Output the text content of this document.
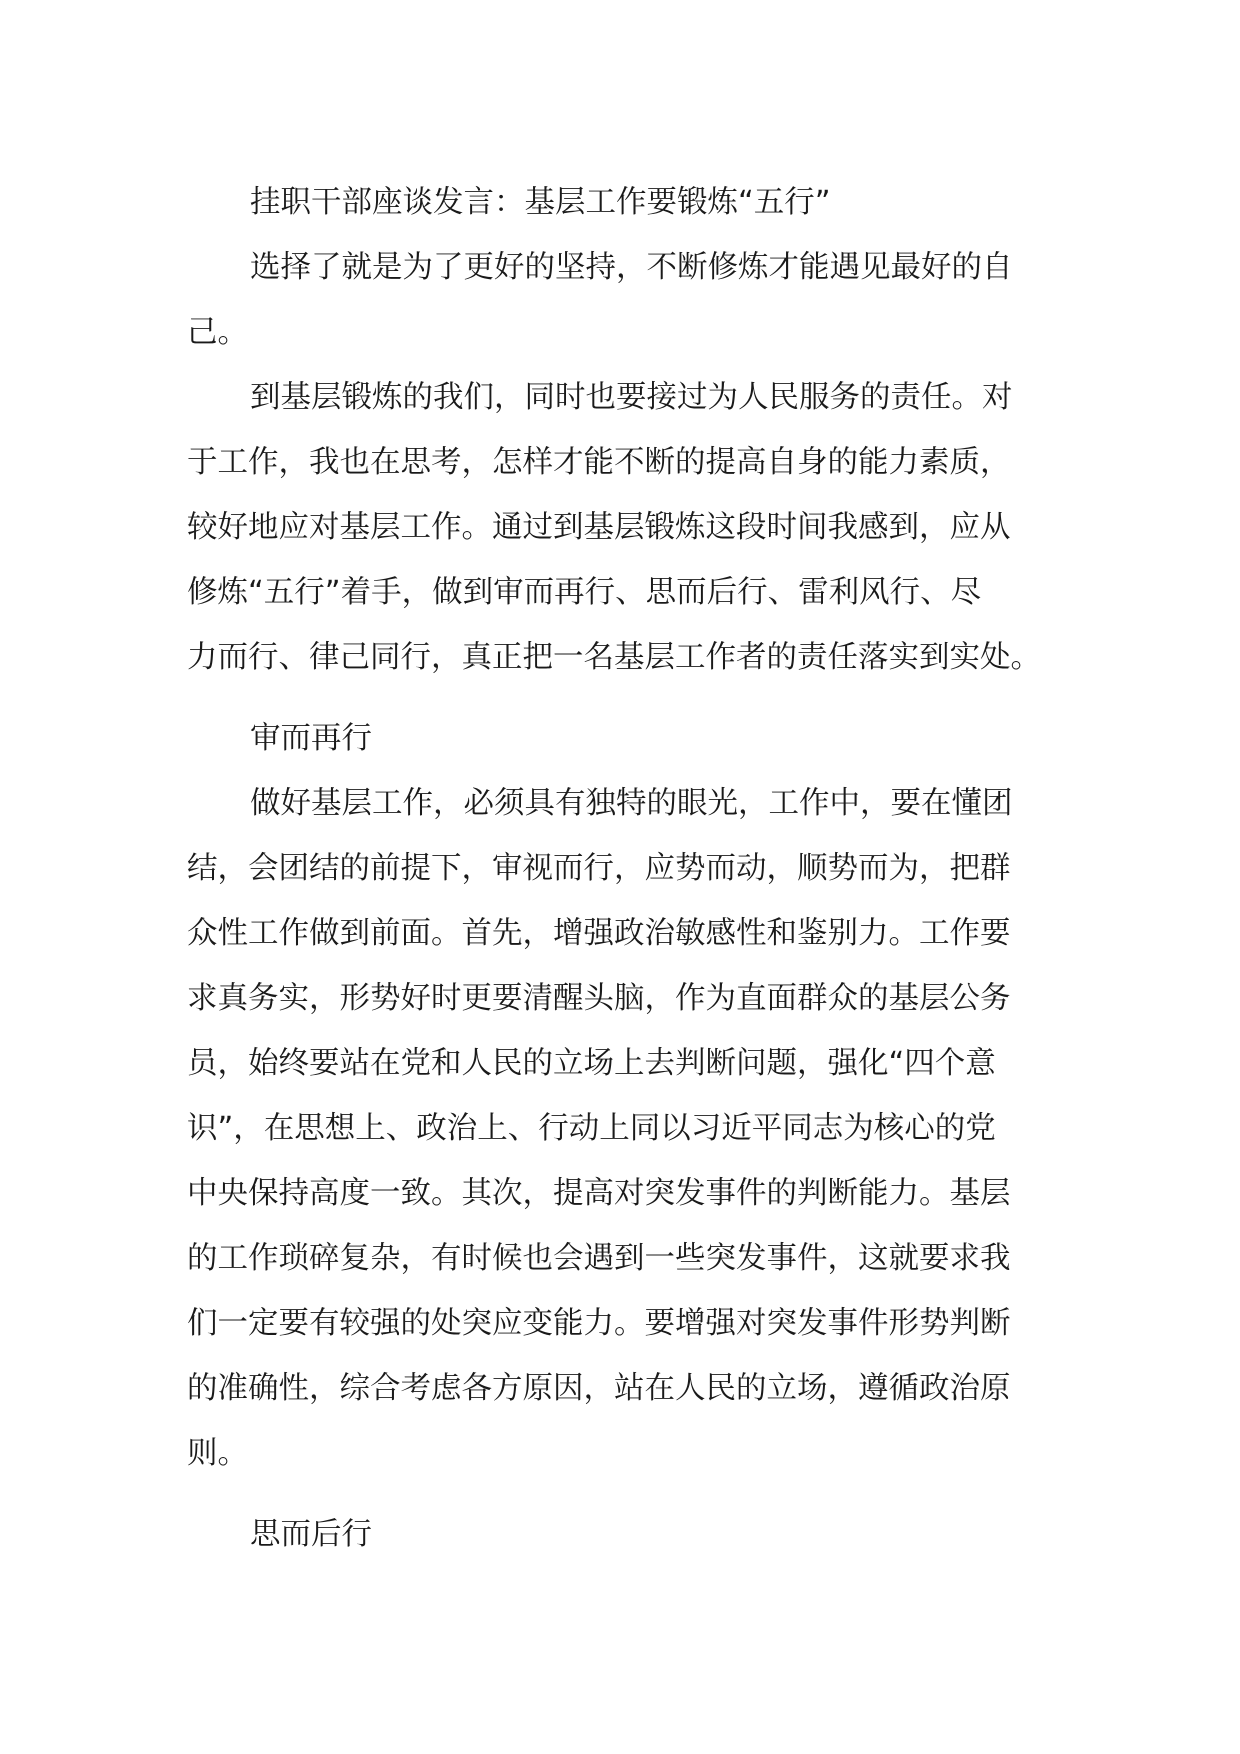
挂职干部座谈发言：基层工作要锻炼“五行”
选择了就是为了更好的坚持，不断修炼才能遇见最好的自
己。
到基层锻炼的我们，同时也要接过为人民服务的责任。对
于工作，我也在思考，怎样才能不断的提高自身的能力素质，
较好地应对基层工作。通过到基层锻炼这段时间我感到，应从
修炼“五行”着手，做到审而再行、思而后行、雷利风行、尽
力而行、律己同行，真正把一名基层工作者的责任落实到实处。
审而再行
做好基层工作，必须具有独特的眼光，工作中，要在懂团
结，会团结的前提下，审视而行，应势而动，顺势而为，把群
众性工作做到前面。首先，增强政治敏感性和鉴别力。工作要
求真务实，形势好时更要清醒头脑，作为直面群众的基层公务
员，始终要站在党和人民的立场上去判断问题，强化“四个意
识”，在思想上、政治上、行动上同以习近平同志为核心的党
中央保持高度一致。其次，提高对突发事件的判断能力。基层
的工作琐碎复杂，有时候也会遇到一些突发事件，这就要求我
们一定要有较强的处突应变能力。要增强对突发事件形势判断
的准确性，综合考虑各方原因，站在人民的立场，遵循政治原
则。
思而后行
